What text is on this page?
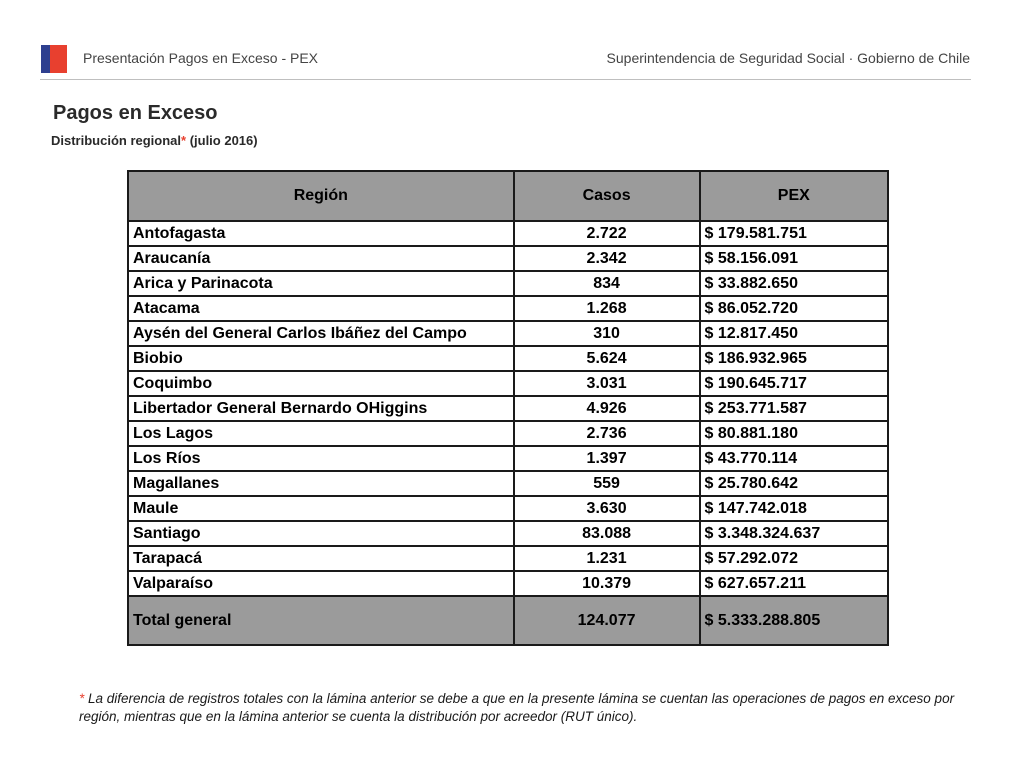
Presentación Pagos en Exceso - PEX	Superintendencia de Seguridad Social · Gobierno de Chile
Pagos en Exceso
Distribución regional* (julio 2016)
Región	Casos	PEX
Antofagasta	2.722	$ 179.581.751
Araucanía	2.342	$ 58.156.091
Arica y Parinacota	834	$ 33.882.650
Atacama	1.268	$ 86.052.720
Aysén del General Carlos Ibáñez del Campo	310	$ 12.817.450
Biobio	5.624	$ 186.932.965
Coquimbo	3.031	$ 190.645.717
Libertador General Bernardo OHiggins	4.926	$ 253.771.587
Los Lagos	2.736	$ 80.881.180
Los Ríos	1.397	$ 43.770.114
Magallanes	559	$ 25.780.642
Maule	3.630	$ 147.742.018
Santiago	83.088	$ 3.348.324.637
Tarapacá	1.231	$ 57.292.072
Valparaíso	10.379	$ 627.657.211
Total general	124.077	$ 5.333.288.805
* La diferencia de registros totales con la lámina anterior se debe a que en la presente lámina se cuentan las operaciones de pagos en exceso por región, mientras que en la lámina anterior se cuenta la distribución por acreedor (RUT único).
